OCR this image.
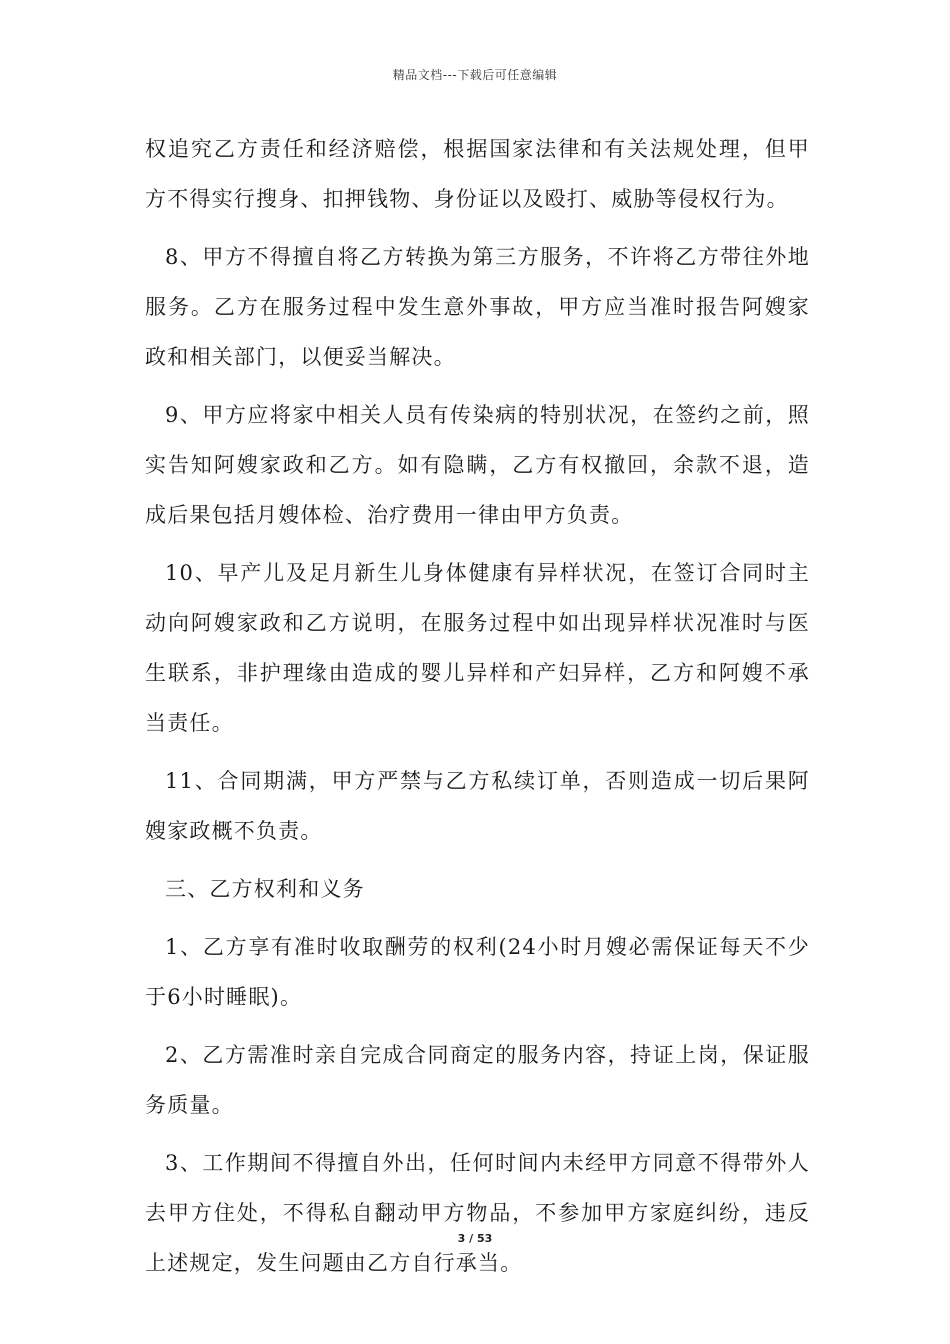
精品文档---下载后可任意编辑

权追究乙方责任和经济赔偿，根据国家法律和有关法规处理，但甲方不得实行搜身、扣押钱物、身份证以及殴打、威胁等侵权行为。

8、甲方不得擅自将乙方转换为第三方服务，不许将乙方带往外地服务。乙方在服务过程中发生意外事故，甲方应当准时报告阿嫂家政和相关部门，以便妥当解决。

9、甲方应将家中相关人员有传染病的特别状况，在签约之前，照实告知阿嫂家政和乙方。如有隐瞒，乙方有权撤回，余款不退，造成后果包括月嫂体检、治疗费用一律由甲方负责。

10、早产儿及足月新生儿身体健康有异样状况，在签订合同时主动向阿嫂家政和乙方说明，在服务过程中如出现异样状况准时与医生联系，非护理缘由造成的婴儿异样和产妇异样，乙方和阿嫂不承当责任。

11、合同期满，甲方严禁与乙方私续订单，否则造成一切后果阿嫂家政概不负责。

三、乙方权利和义务

1、乙方享有准时收取酬劳的权利(24小时月嫂必需保证每天不少于6小时睡眠)。

2、乙方需准时亲自完成合同商定的服务内容，持证上岗，保证服务质量。

3、工作期间不得擅自外出，任何时间内未经甲方同意不得带外人去甲方住处，不得私自翻动甲方物品，不参加甲方家庭纠纷，违反上述规定，发生问题由乙方自行承当。

3 / 53
